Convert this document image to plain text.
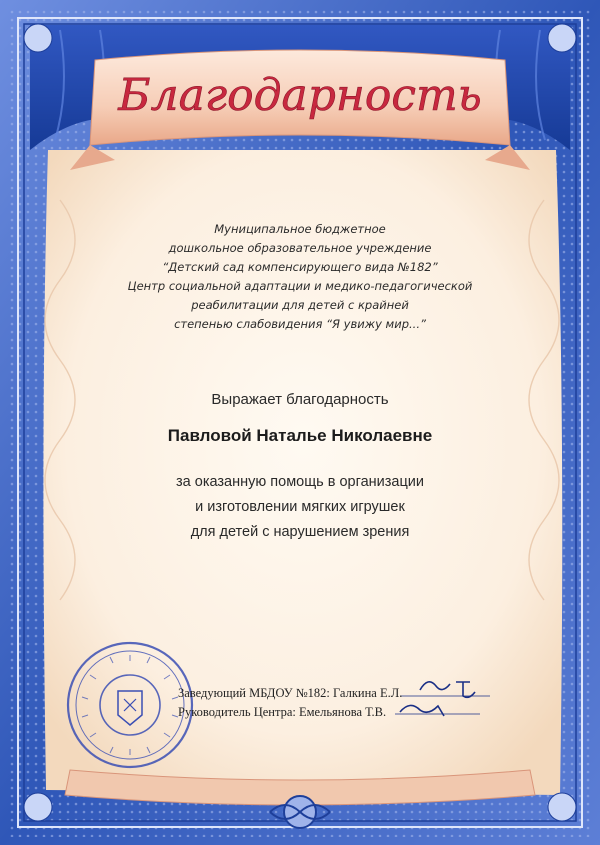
Благодарность
Муниципальное бюджетное
дошкольное образовательное учреждение
“Детский сад компенсирующего вида №182”
Центр социальной адаптации и медико-педагогической
реабилитации для детей с крайней
степенью слабовидения “Я увижу мир...”
Выражает благодарность
Павловой Наталье Николаевне
за оказанную помощь в организации
и изготовлении мягких игрушек
для детей с нарушением зрения
Заведующий МБДОУ №182: Галкина Е.Л.
Руководитель Центра: Емельянова Т.В.
